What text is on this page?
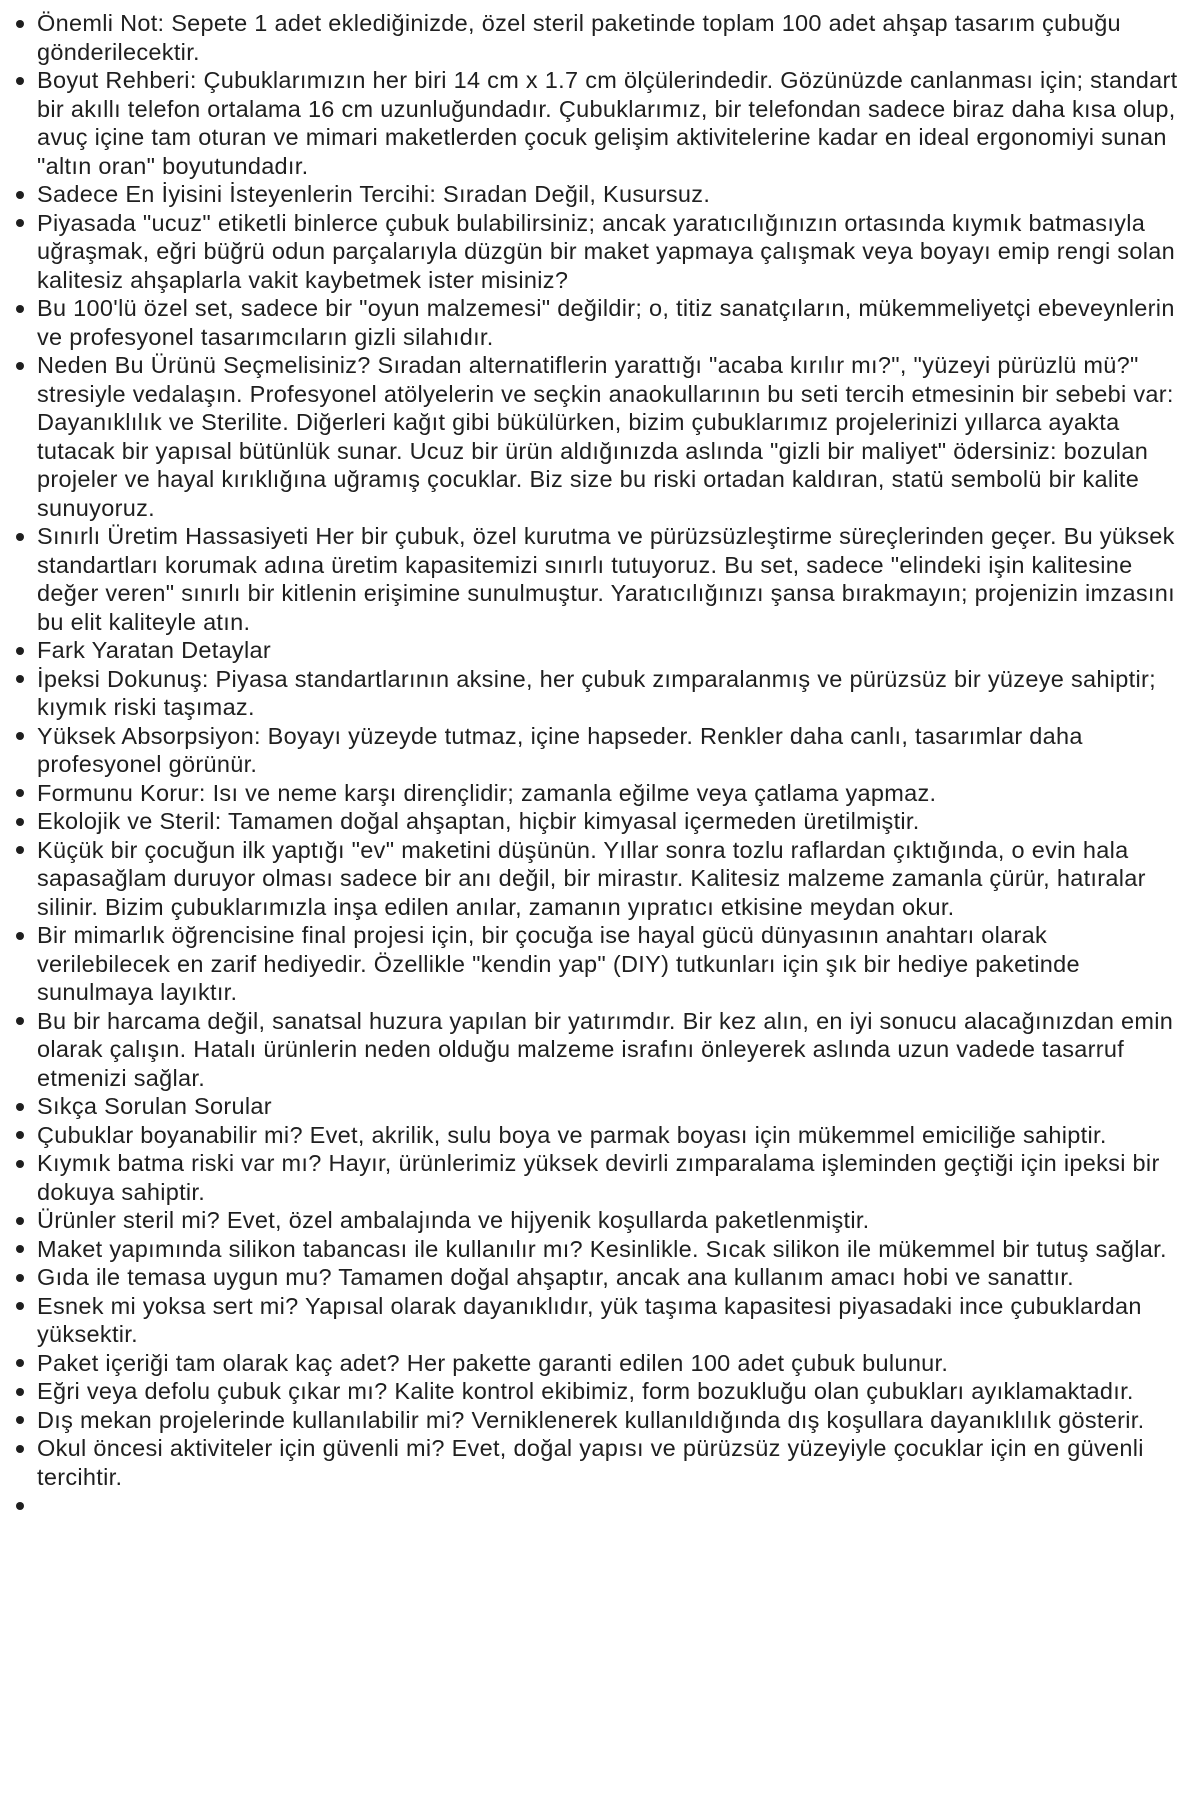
Önemli Not: Sepete 1 adet eklediğinizde, özel steril paketinde toplam 100 adet ahşap tasarım çubuğu gönderilecektir.
Boyut Rehberi: Çubuklarımızın her biri 14 cm x 1.7 cm ölçülerindedir. Gözünüzde canlanması için; standart bir akıllı telefon ortalama 16 cm uzunluğundadır. Çubuklarımız, bir telefondan sadece biraz daha kısa olup, avuç içine tam oturan ve mimari maketlerden çocuk gelişim aktivitelerine kadar en ideal ergonomiyi sunan "altın oran" boyutundadır.
Sadece En İyisini İsteyenlerin Tercihi: Sıradan Değil, Kusursuz.
Piyasada "ucuz" etiketli binlerce çubuk bulabilirsiniz; ancak yaratıcılığınızın ortasında kıymık batmasıyla uğraşmak, eğri büğrü odun parçalarıyla düzgün bir maket yapmaya çalışmak veya boyayı emip rengi solan kalitesiz ahşaplarla vakit kaybetmek ister misiniz?
Bu 100'lü özel set, sadece bir "oyun malzemesi" değildir; o, titiz sanatçıların, mükemmeliyetçi ebeveynlerin ve profesyonel tasarımcıların gizli silahıdır.
Neden Bu Ürünü Seçmelisiniz? Sıradan alternatiflerin yarattığı "acaba kırılır mı?", "yüzeyi pürüzlü mü?" stresiyle vedalaşın. Profesyonel atölyelerin ve seçkin anaokullarının bu seti tercih etmesinin bir sebebi var: Dayanıklılık ve Sterilite. Diğerleri kağıt gibi bükülürken, bizim çubuklarımız projelerinizi yıllarca ayakta tutacak bir yapısal bütünlük sunar. Ucuz bir ürün aldığınızda aslında "gizli bir maliyet" ödersiniz: bozulan projeler ve hayal kırıklığına uğramış çocuklar. Biz size bu riski ortadan kaldıran, statü sembolü bir kalite sunuyoruz.
Sınırlı Üretim Hassasiyeti Her bir çubuk, özel kurutma ve pürüzsüzleştirme süreçlerinden geçer. Bu yüksek standartları korumak adına üretim kapasitemizi sınırlı tutuyoruz. Bu set, sadece "elindeki işin kalitesine değer veren" sınırlı bir kitlenin erişimine sunulmuştur. Yaratıcılığınızı şansa bırakmayın; projenizin imzasını bu elit kaliteyle atın.
Fark Yaratan Detaylar
İpeksi Dokunuş: Piyasa standartlarının aksine, her çubuk zımparalanmış ve pürüzsüz bir yüzeye sahiptir; kıymık riski taşımaz.
Yüksek Absorpsiyon: Boyayı yüzeyde tutmaz, içine hapseder. Renkler daha canlı, tasarımlar daha profesyonel görünür.
Formunu Korur: Isı ve neme karşı dirençlidir; zamanla eğilme veya çatlama yapmaz.
Ekolojik ve Steril: Tamamen doğal ahşaptan, hiçbir kimyasal içermeden üretilmiştir.
Küçük bir çocuğun ilk yaptığı "ev" maketini düşünün. Yıllar sonra tozlu raflardan çıktığında, o evin hala sapasağlam duruyor olması sadece bir anı değil, bir mirastır. Kalitesiz malzeme zamanla çürür, hatıralar silinir. Bizim çubuklarımızla inşa edilen anılar, zamanın yıpratıcı etkisine meydan okur.
Bir mimarlık öğrencisine final projesi için, bir çocuğa ise hayal gücü dünyasının anahtarı olarak verilebilecek en zarif hediyedir. Özellikle "kendin yap" (DIY) tutkunları için şık bir hediye paketinde sunulmaya layıktır.
Bu bir harcama değil, sanatsal huzura yapılan bir yatırımdır. Bir kez alın, en iyi sonucu alacağınızdan emin olarak çalışın. Hatalı ürünlerin neden olduğu malzeme israfını önleyerek aslında uzun vadede tasarruf etmenizi sağlar.
Sıkça Sorulan Sorular
Çubuklar boyanabilir mi? Evet, akrilik, sulu boya ve parmak boyası için mükemmel emiciliğe sahiptir.
Kıymık batma riski var mı? Hayır, ürünlerimiz yüksek devirli zımparalama işleminden geçtiği için ipeksi bir dokuya sahiptir.
Ürünler steril mi? Evet, özel ambalajında ve hijyenik koşullarda paketlenmiştir.
Maket yapımında silikon tabancası ile kullanılır mı? Kesinlikle. Sıcak silikon ile mükemmel bir tutuş sağlar.
Gıda ile temasa uygun mu? Tamamen doğal ahşaptır, ancak ana kullanım amacı hobi ve sanattır.
Esnek mi yoksa sert mi? Yapısal olarak dayanıklıdır, yük taşıma kapasitesi piyasadaki ince çubuklardan yüksektir.
Paket içeriği tam olarak kaç adet? Her pakette garanti edilen 100 adet çubuk bulunur.
Eğri veya defolu çubuk çıkar mı? Kalite kontrol ekibimiz, form bozukluğu olan çubukları ayıklamaktadır.
Dış mekan projelerinde kullanılabilir mi? Verniklenerek kullanıldığında dış koşullara dayanıklılık gösterir.
Okul öncesi aktiviteler için güvenli mi? Evet, doğal yapısı ve pürüzsüz yüzeyiyle çocuklar için en güvenli tercihtir.
